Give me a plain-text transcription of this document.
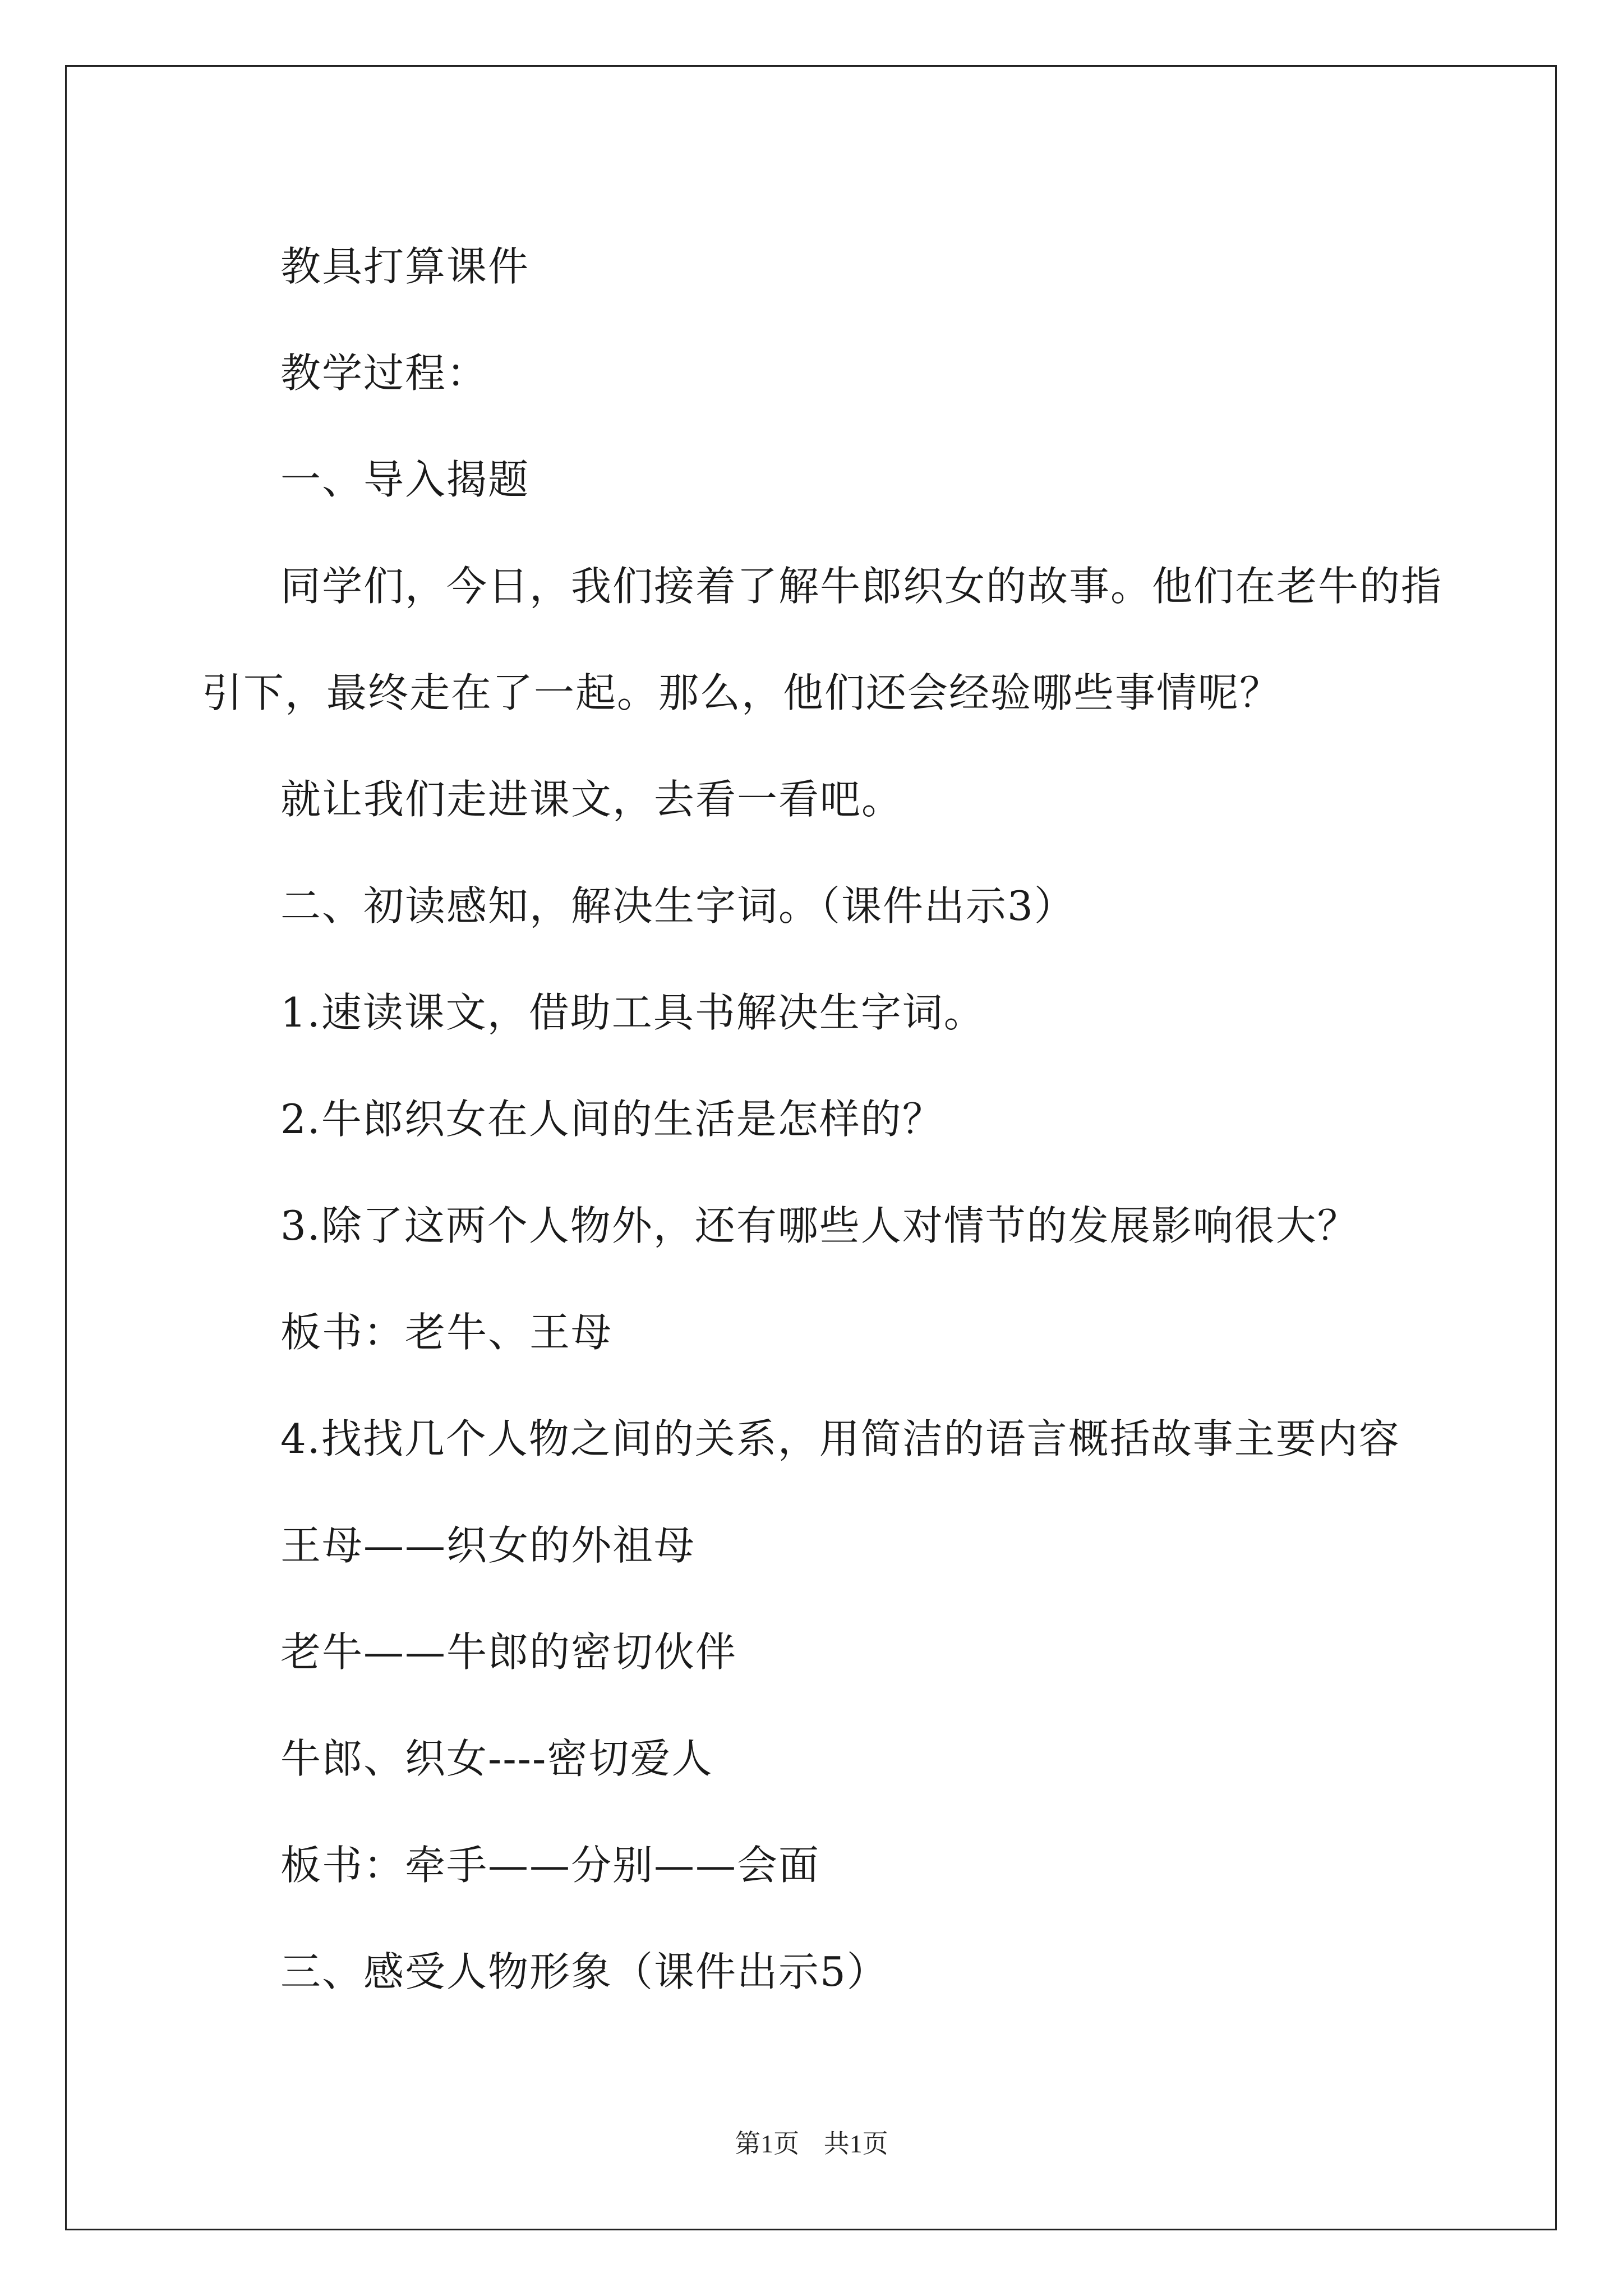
教具打算课件

教学过程：

一、导入揭题

同学们，今日，我们接着了解牛郎织女的故事。他们在老牛的指

引下，最终走在了一起。那么，他们还会经验哪些事情呢？

就让我们走进课文，去看一看吧。

二、初读感知，解决生字词。（课件出示3）

1.速读课文，借助工具书解决生字词。

2.牛郎织女在人间的生活是怎样的？

3.除了这两个人物外，还有哪些人对情节的发展影响很大？

板书：老牛、王母

4.找找几个人物之间的关系，用简洁的语言概括故事主要内容

王母——织女的外祖母

老牛——牛郎的密切伙伴

牛郎、织女----密切爱人

板书：牵手——分别——会面

三、感受人物形象（课件出示5）

第1页 共1页
